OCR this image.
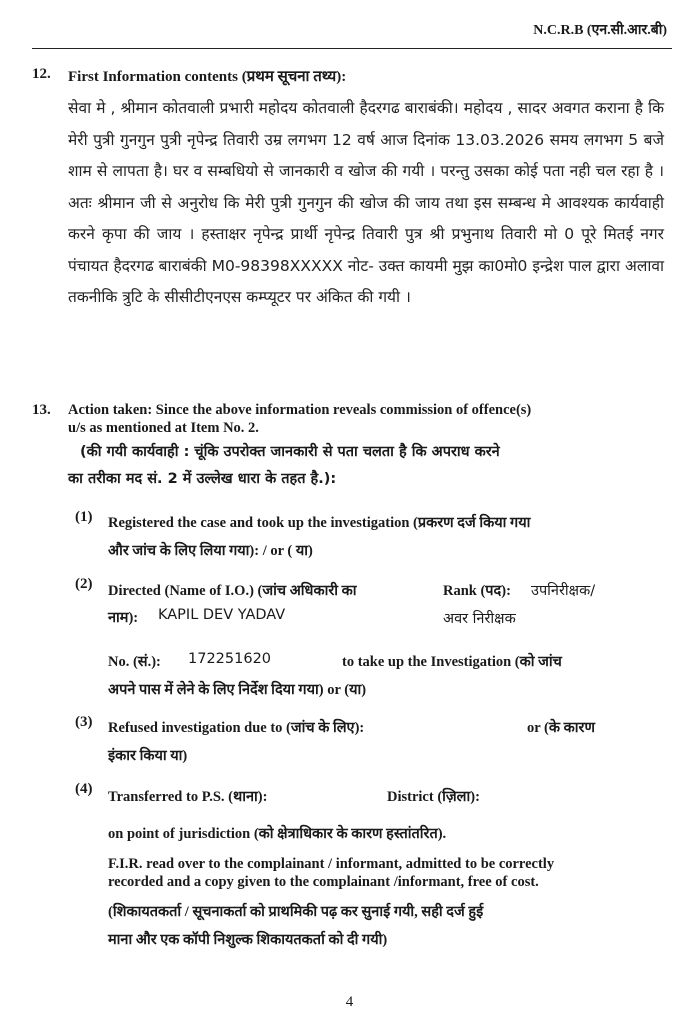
N.C.R.B (एन.सी.आर.बी)
12. First Information contents (प्रथम सूचना तथ्य):
सेवा मे , श्रीमान कोतवाली प्रभारी महोदय कोतवाली हैदरगढ बाराबंकी। महोदय , सादर अवगत कराना है कि मेरी पुत्री गुनगुन पुत्री नृपेन्द्र तिवारी उम्र लगभग 12 वर्ष आज दिनांक 13.03.2026 समय लगभग 5 बजे शाम से लापता है। घर व सम्बधियो से जानकारी व खोज की गयी । परन्तु उसका कोई पता नही चल रहा है । अतः श्रीमान जी से अनुरोध कि मेरी पुत्री गुनगुन की खोज की जाय तथा इस सम्बन्ध मे आवश्यक कार्यवाही करने कृपा की जाय । हस्ताक्षर नृपेन्द्र प्रार्थी नृपेन्द्र तिवारी पुत्र श्री प्रभुनाथ तिवारी मो 0 पूरे मितई नगर पंचायत हैदरगढ बाराबंकी M0-98398XXXXX नोट- उक्त कायमी मुझ का0मो0 इन्द्रेश पाल द्वारा अलावा तकनीकि त्रुटि के सीसीटीएनएस कम्प्यूटर पर अंकित की गयी ।
13. Action taken: Since the above information reveals commission of offence(s)
u/s as mentioned at Item No. 2.
(की गयी कार्यवाही : चूंकि उपरोक्त जानकारी से पता चलता है कि अपराध करने
का तरीका मद सं. 2 में उल्लेख धारा के तहत है.):
(1) Registered the case and took up the investigation (प्रकरण दर्ज किया गया
और जांच के लिए लिया गया): / or ( या)
(2) Directed (Name of I.O.) (जांच अधिकारी का
नाम): KAPIL DEV YADAV
Rank (पद): उपनिरीक्षक/
अवर निरीक्षक
No. (सं.): 172251620	to take up the Investigation (को जांच
अपने पास में लेने के लिए निर्देश दिया गया) or (या)
(3) Refused investigation due to (जांच के लिए):	or (के कारण
इंकार किया या)
(4) Transferred to P.S. (थाना):	District (ज़िला):
on point of jurisdiction (को क्षेत्राधिकार के कारण हस्तांतरित).
F.I.R. read over to the complainant / informant, admitted to be correctly
recorded and a copy given to the complainant /informant, free of cost.
(शिकायतकर्ता / सूचनाकर्ता को प्राथमिकी पढ़ कर सुनाई गयी, सही दर्ज हुई
माना और एक कॉपी निशुल्क शिकायतकर्ता को दी गयी)
4
